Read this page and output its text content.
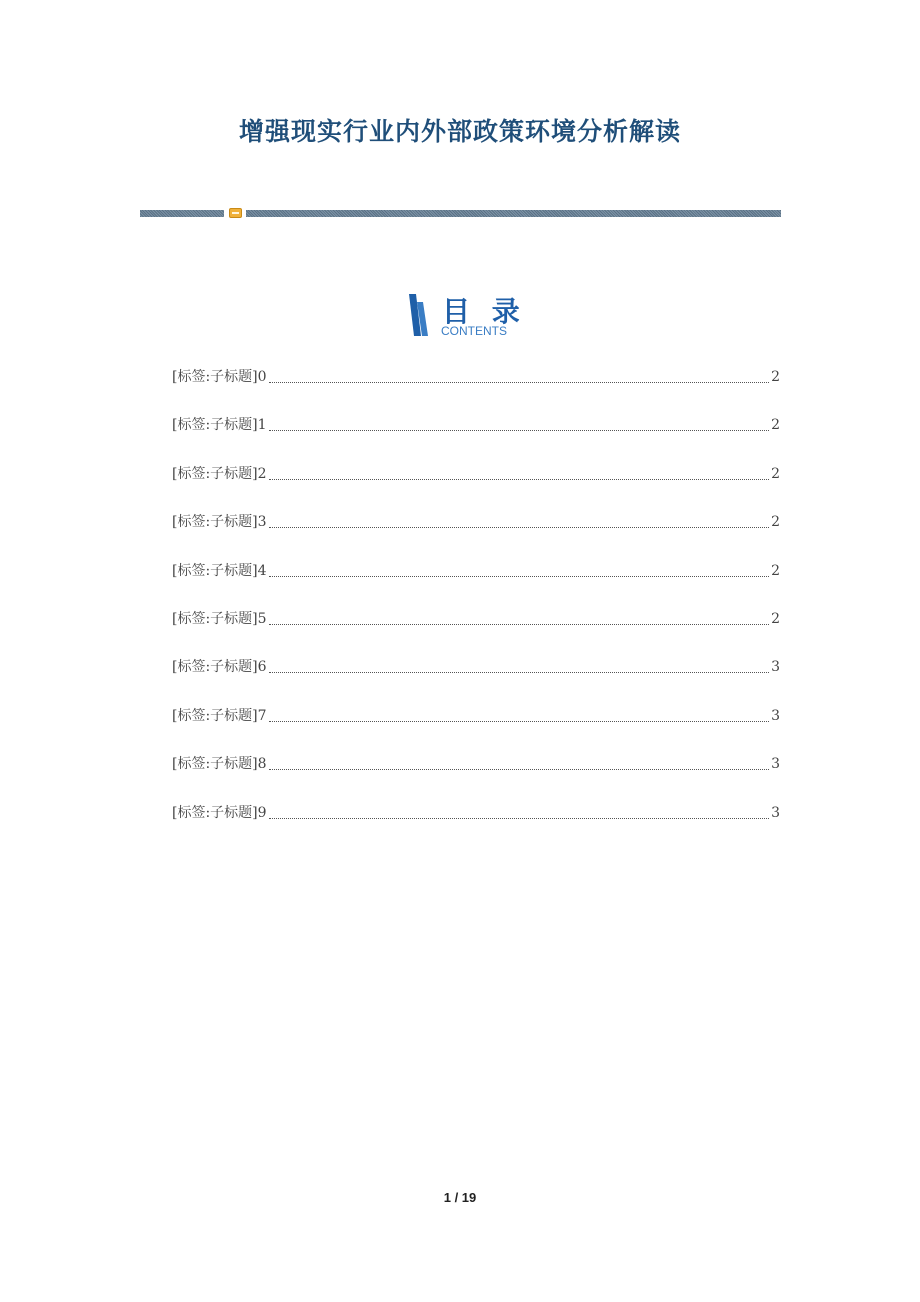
增强现实行业内外部政策环境分析解读
目 录
CONTENTS
[标签:子标题]0	2
[标签:子标题]1	2
[标签:子标题]2	2
[标签:子标题]3	2
[标签:子标题]4	2
[标签:子标题]5	2
[标签:子标题]6	3
[标签:子标题]7	3
[标签:子标题]8	3
[标签:子标题]9	3
1 / 19
